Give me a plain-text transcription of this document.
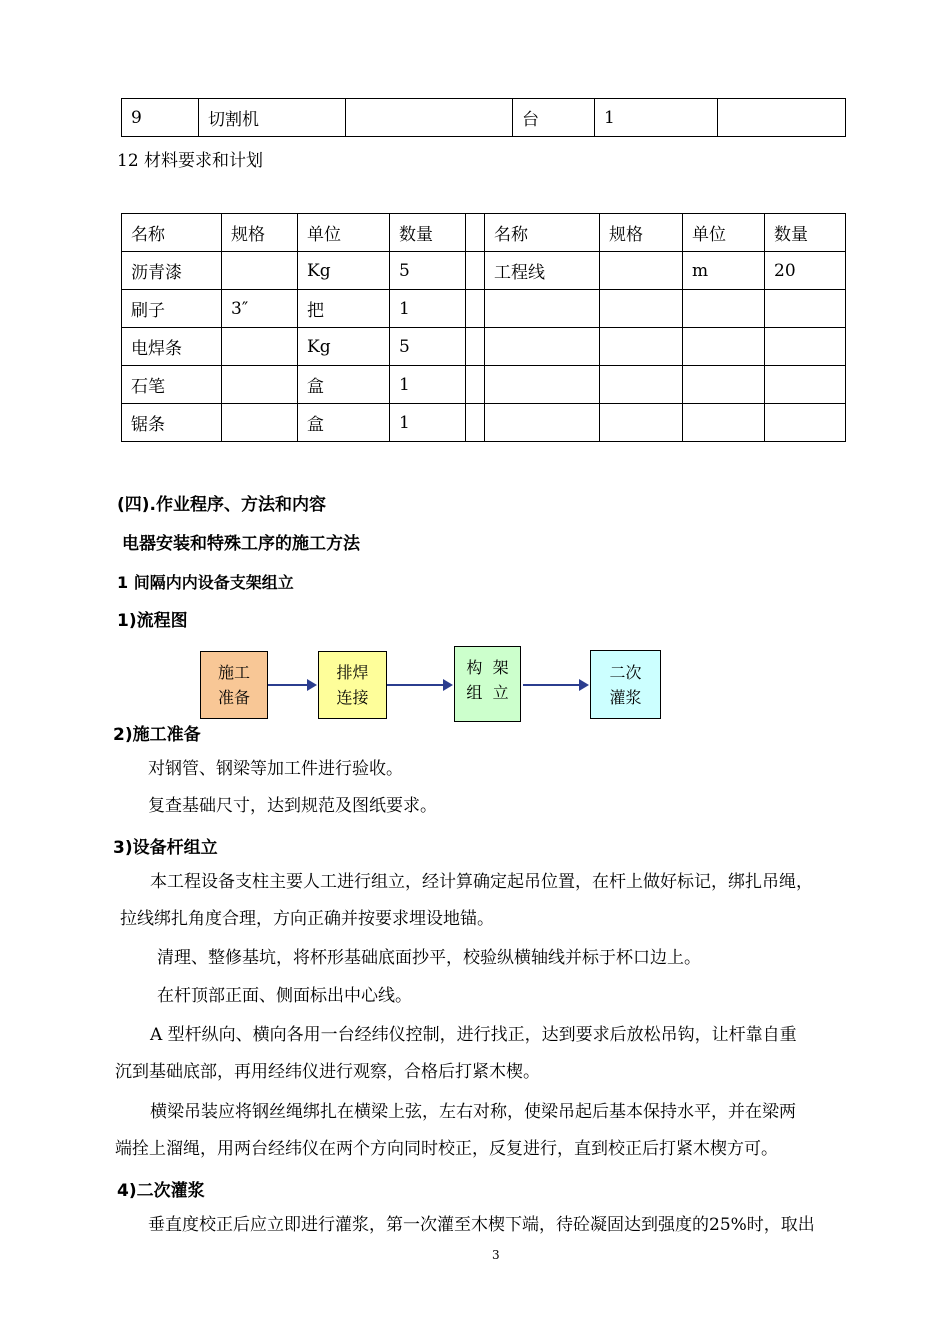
9	切割机		台	1	
12 材料要求和计划
名称	规格	单位	数量		名称	规格	单位	数量
沥青漆		Kg	5		工程线		m	20
刷子	3″	把	1					
电焊条		Kg	5					
石笔		盒	1					
锯条		盒	1					
(四).作业程序、方法和内容
电器安装和特殊工序的施工方法
1 间隔内内设备支架组立
1)流程图
施工
准备
排焊
连接
构  架
组  立
二次
灌浆
2)施工准备
对钢管、钢梁等加工件进行验收。
复查基础尺寸，达到规范及图纸要求。
3)设备杆组立
本工程设备支柱主要人工进行组立，经计算确定起吊位置，在杆上做好标记，绑扎吊绳，
拉线绑扎角度合理，方向正确并按要求埋设地锚。
清理、整修基坑，将杯形基础底面抄平，校验纵横轴线并标于杯口边上。
在杆顶部正面、侧面标出中心线。
A 型杆纵向、横向各用一台经纬仪控制，进行找正，达到要求后放松吊钩，让杆靠自重
沉到基础底部，再用经纬仪进行观察，合格后打紧木楔。
横梁吊装应将钢丝绳绑扎在横梁上弦，左右对称，使梁吊起后基本保持水平，并在梁两
端拴上溜绳，用两台经纬仪在两个方向同时校正，反复进行，直到校正后打紧木楔方可。
4)二次灌浆
垂直度校正后应立即进行灌浆，第一次灌至木楔下端，待砼凝固达到强度的25%时，取出
3
